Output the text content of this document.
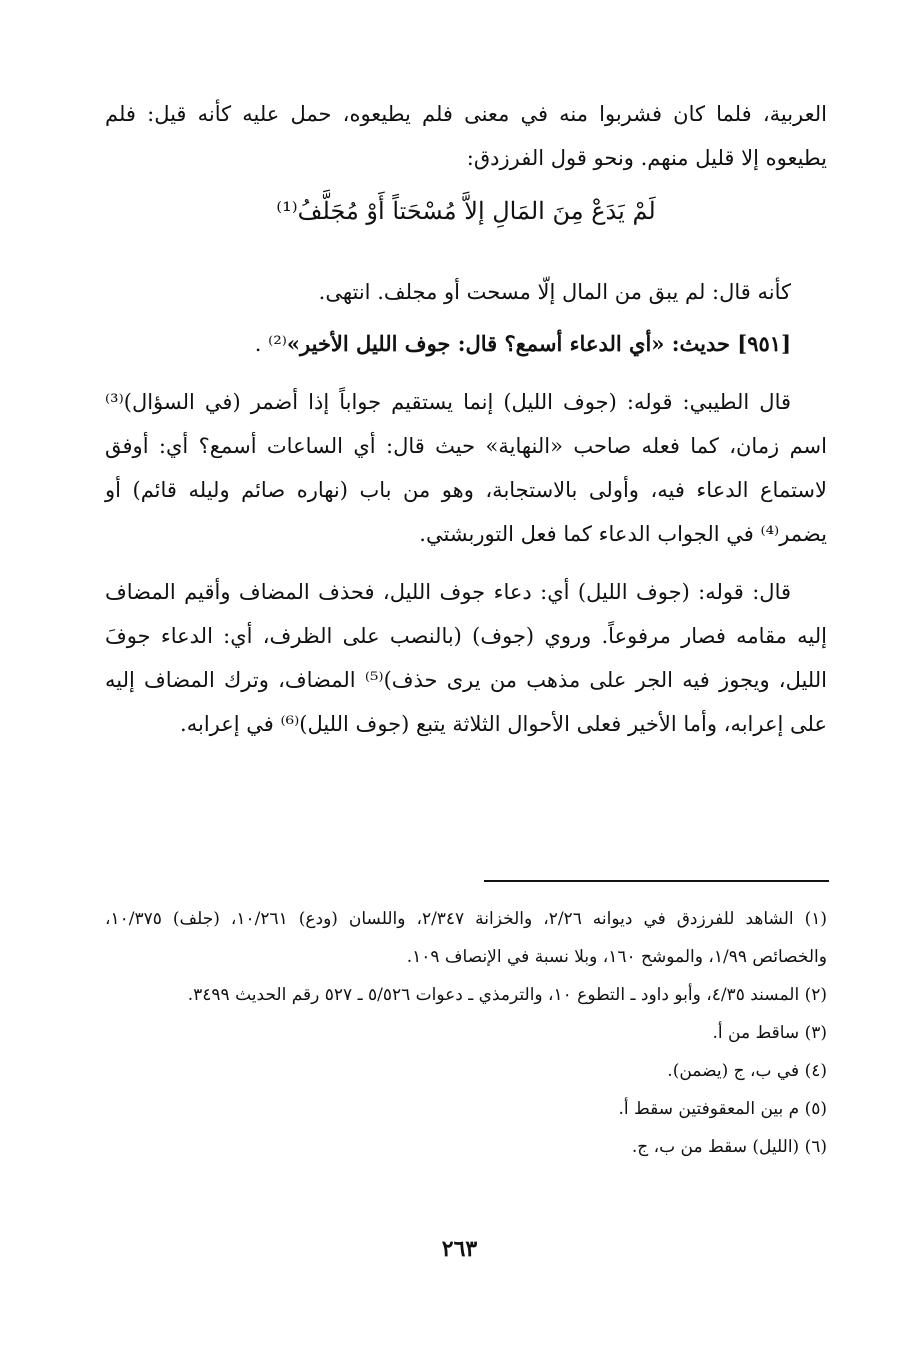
العربية، فلما كان فشربوا منه في معنى فلم يطيعوه، حمل عليه كأنه قيل: فلم يطيعوه إلا قليل منهم. ونحو قول الفرزدق:

لَمْ يَدَعْ مِنَ المَالِ إلاَّ مُسْحَتاً أَوْ مُجَلَّفُ⁽¹⁾

كأنه قال: لم يبق من المال إلّا مسحت أو مجلف. انتهى.

[٩٥١] حديث: «أي الدعاء أسمع؟ قال: جوف الليل الأخير»⁽²⁾ .

قال الطيبي: قوله: (جوف الليل) إنما يستقيم جواباً إذا أضمر (في السؤال)⁽³⁾ اسم زمان، كما فعله صاحب «النهاية» حيث قال: أي الساعات أسمع؟ أي: أوفق لاستماع الدعاء فيه، وأولى بالاستجابة، وهو من باب (نهاره صائم وليله قائم) أو يضمر⁽⁴⁾ في الجواب الدعاء كما فعل التوربشتي.

قال: قوله: (جوف الليل) أي: دعاء جوف الليل، فحذف المضاف وأقيم المضاف إليه مقامه فصار مرفوعاً. وروي (جوف) (بالنصب على الظرف، أي: الدعاء جوفَ الليل، ويجوز فيه الجر على مذهب من يرى حذف)⁽⁵⁾ المضاف، وترك المضاف إليه على إعرابه، وأما الأخير فعلى الأحوال الثلاثة يتبع (جوف الليل)⁽⁶⁾ في إعرابه.

(١) الشاهد للفرزدق في ديوانه ٢/٢٦، والخزانة ٢/٣٤٧، واللسان (ودع) ١٠/٢٦١، (جلف) ١٠/٣٧٥، والخصائص ١/٩٩، والموشح ١٦٠، وبلا نسبة في الإنصاف ١٠٩.

(٢) المسند ٤/٣٥، وأبو داود ـ التطوع ١٠، والترمذي ـ دعوات ٥/٥٢٦ ـ ٥٢٧ رقم الحديث ٣٤٩٩.

(٣) ساقط من أ.

(٤) في ب، ج (يضمن).

(٥) م بين المعقوفتين سقط أ.

(٦) (الليل) سقط من ب، ج.

٢٦٣
